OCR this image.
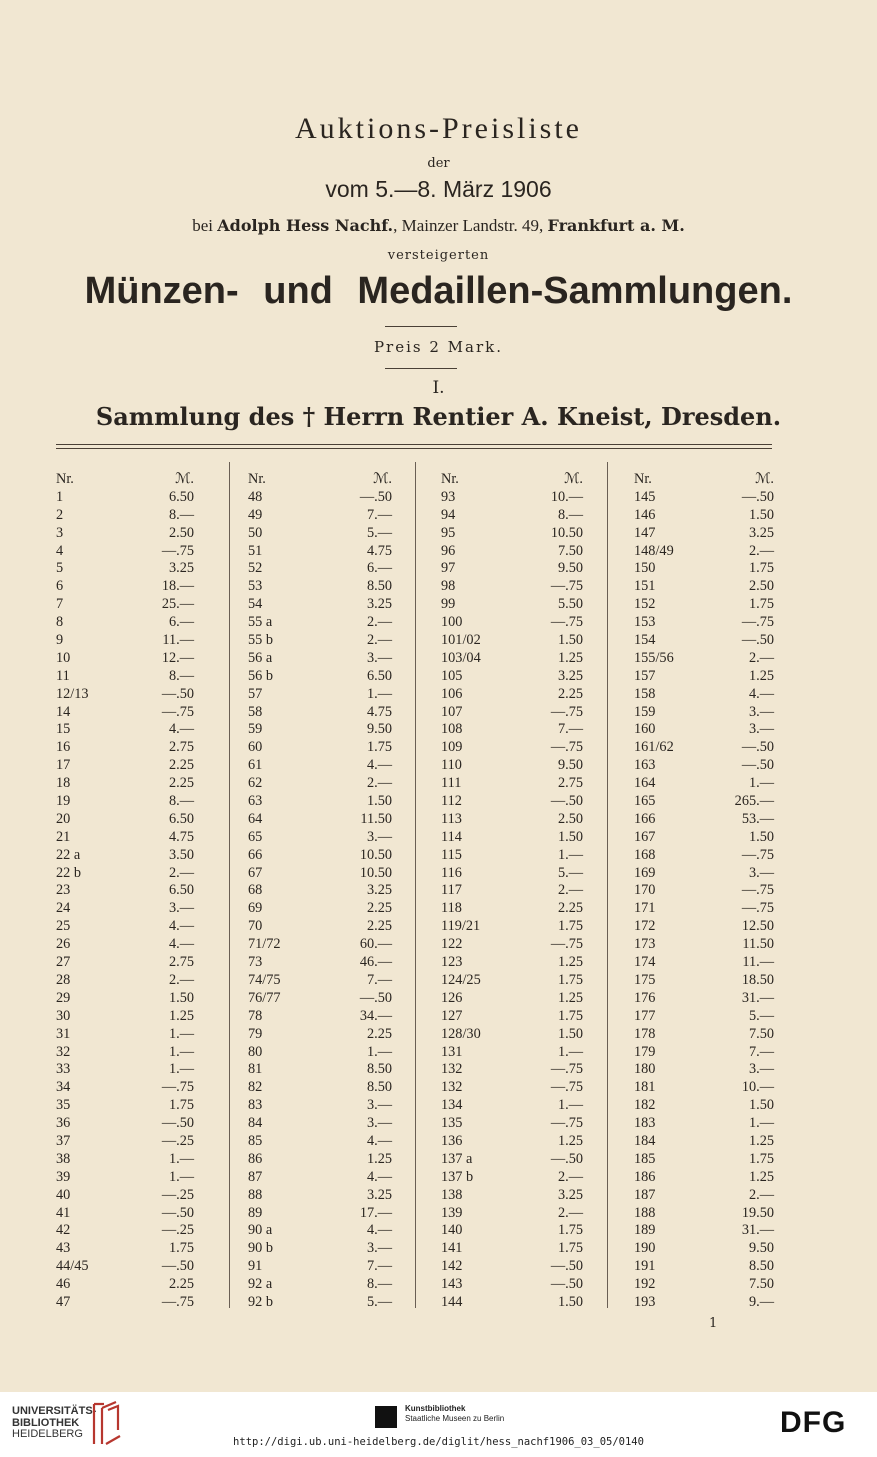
Auktions-Preisliste
der
vom 5.—8. März 1906
bei Adolph Hess Nachf., Mainzer Landstr. 49, Frankfurt a. M.
versteigerten
Münzen- und Medaillen-Sammlungen.
Preis 2 Mark.
I.
Sammlung des † Herrn Rentier A. Kneist, Dresden.
Nr.	ℳ.
1	6.50
2	8.—
3	2.50
4	—.75
5	3.25
6	18.—
7	25.—
8	6.—
9	11.—
10	12.—
11	8.—
12/13	—.50
14	—.75
15	4.—
16	2.75
17	2.25
18	2.25
19	8.—
20	6.50
21	4.75
22 a	3.50
22 b	2.—
23	6.50
24	3.—
25	4.—
26	4.—
27	2.75
28	2.—
29	1.50
30	1.25
31	1.—
32	1.—
33	1.—
34	—.75
35	1.75
36	—.50
37	—.25
38	1.—
39	1.—
40	—.25
41	—.50
42	—.25
43	1.75
44/45	—.50
46	2.25
47	—.75
Nr.	ℳ.
48	—.50
49	7.—
50	5.—
51	4.75
52	6.—
53	8.50
54	3.25
55 a	2.—
55 b	2.—
56 a	3.—
56 b	6.50
57	1.—
58	4.75
59	9.50
60	1.75
61	4.—
62	2.—
63	1.50
64	11.50
65	3.—
66	10.50
67	10.50
68	3.25
69	2.25
70	2.25
71/72	60.—
73	46.—
74/75	7.—
76/77	—.50
78	34.—
79	2.25
80	1.—
81	8.50
82	8.50
83	3.—
84	3.—
85	4.—
86	1.25
87	4.—
88	3.25
89	17.—
90 a	4.—
90 b	3.—
91	7.—
92 a	8.—
92 b	5.—
Nr.	ℳ.
93	10.—
94	8.—
95	10.50
96	7.50
97	9.50
98	—.75
99	5.50
100	—.75
101/02	1.50
103/04	1.25
105	3.25
106	2.25
107	—.75
108	7.—
109	—.75
110	9.50
111	2.75
112	—.50
113	2.50
114	1.50
115	1.—
116	5.—
117	2.—
118	2.25
119/21	1.75
122	—.75
123	1.25
124/25	1.75
126	1.25
127	1.75
128/30	1.50
131	1.—
132	—.75
132	—.75
134	1.—
135	—.75
136	1.25
137 a	—.50
137 b	2.—
138	3.25
139	2.—
140	1.75
141	1.75
142	—.50
143	—.50
144	1.50
Nr.	ℳ.
145	—.50
146	1.50
147	3.25
148/49	2.—
150	1.75
151	2.50
152	1.75
153	—.75
154	—.50
155/56	2.—
157	1.25
158	4.—
159	3.—
160	3.—
161/62	—.50
163	—.50
164	1.—
165	265.—
166	53.—
167	1.50
168	—.75
169	3.—
170	—.75
171	—.75
172	12.50
173	11.50
174	11.—
175	18.50
176	31.—
177	5.—
178	7.50
179	7.—
180	3.—
181	10.—
182	1.50
183	1.—
184	1.25
185	1.75
186	1.25
187	2.—
188	19.50
189	31.—
190	9.50
191	8.50
192	7.50
193	9.—
1
UNIVERSITÄTS-
BIBLIOTHEK
HEIDELBERG
Kunstbibliothek
Staatliche Museen zu Berlin	DFG
http://digi.ub.uni-heidelberg.de/diglit/hess_nachf1906_03_05/0140
